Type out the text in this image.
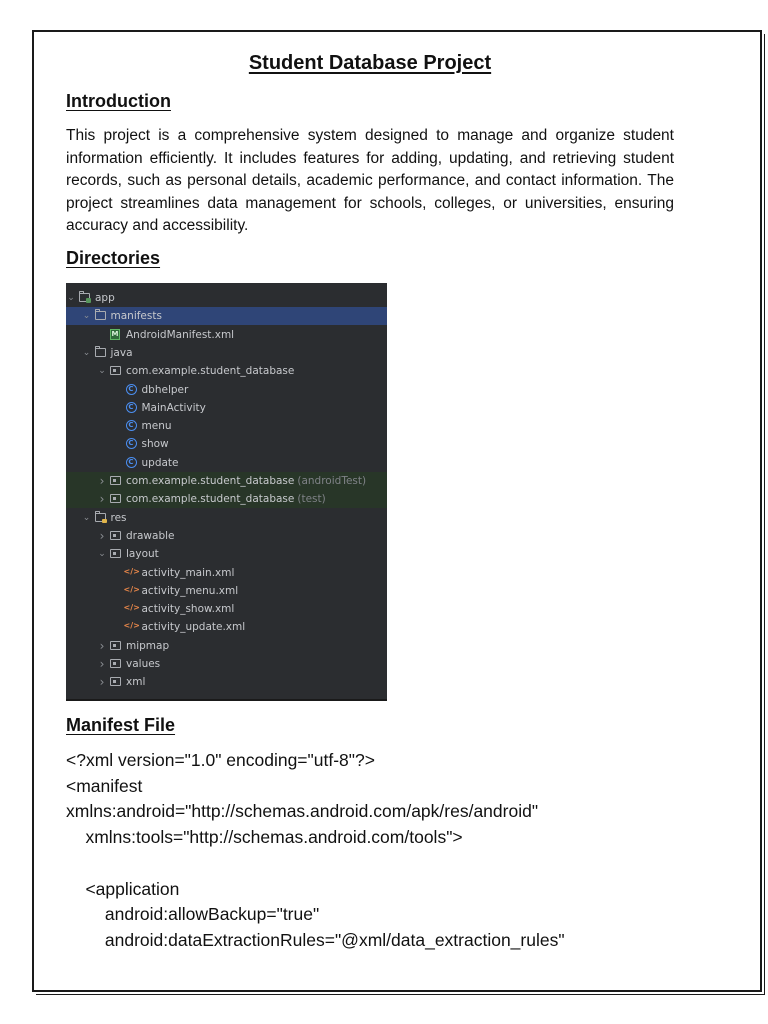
Student Database Project
Introduction

This project is a comprehensive system designed to manage and organize student information efficiently. It includes features for adding, updating, and retrieving student records, such as personal details, academic performance, and contact information. The project streamlines data management for schools, colleges, or universities, ensuring accuracy and accessibility.

Directories
⌄ app
⌄ manifests
M AndroidManifest.xml
⌄ java
⌄ com.example.student_database
C dbhelper
C MainActivity
C menu
C show
C update
› com.example.student_database (androidTest)
› com.example.student_database (test)
⌄ res
› drawable
⌄ layout
</> activity_main.xml
</> activity_menu.xml
</> activity_show.xml
</> activity_update.xml
› mipmap
› values
› xml
Manifest File
<?xml version="1.0" encoding="utf-8"?>
<manifest
xmlns:android="http://schemas.android.com/apk/res/android"
xmlns:tools="http://schemas.android.com/tools">
<application
android:allowBackup="true"
android:dataExtractionRules="@xml/data_extraction_rules"
